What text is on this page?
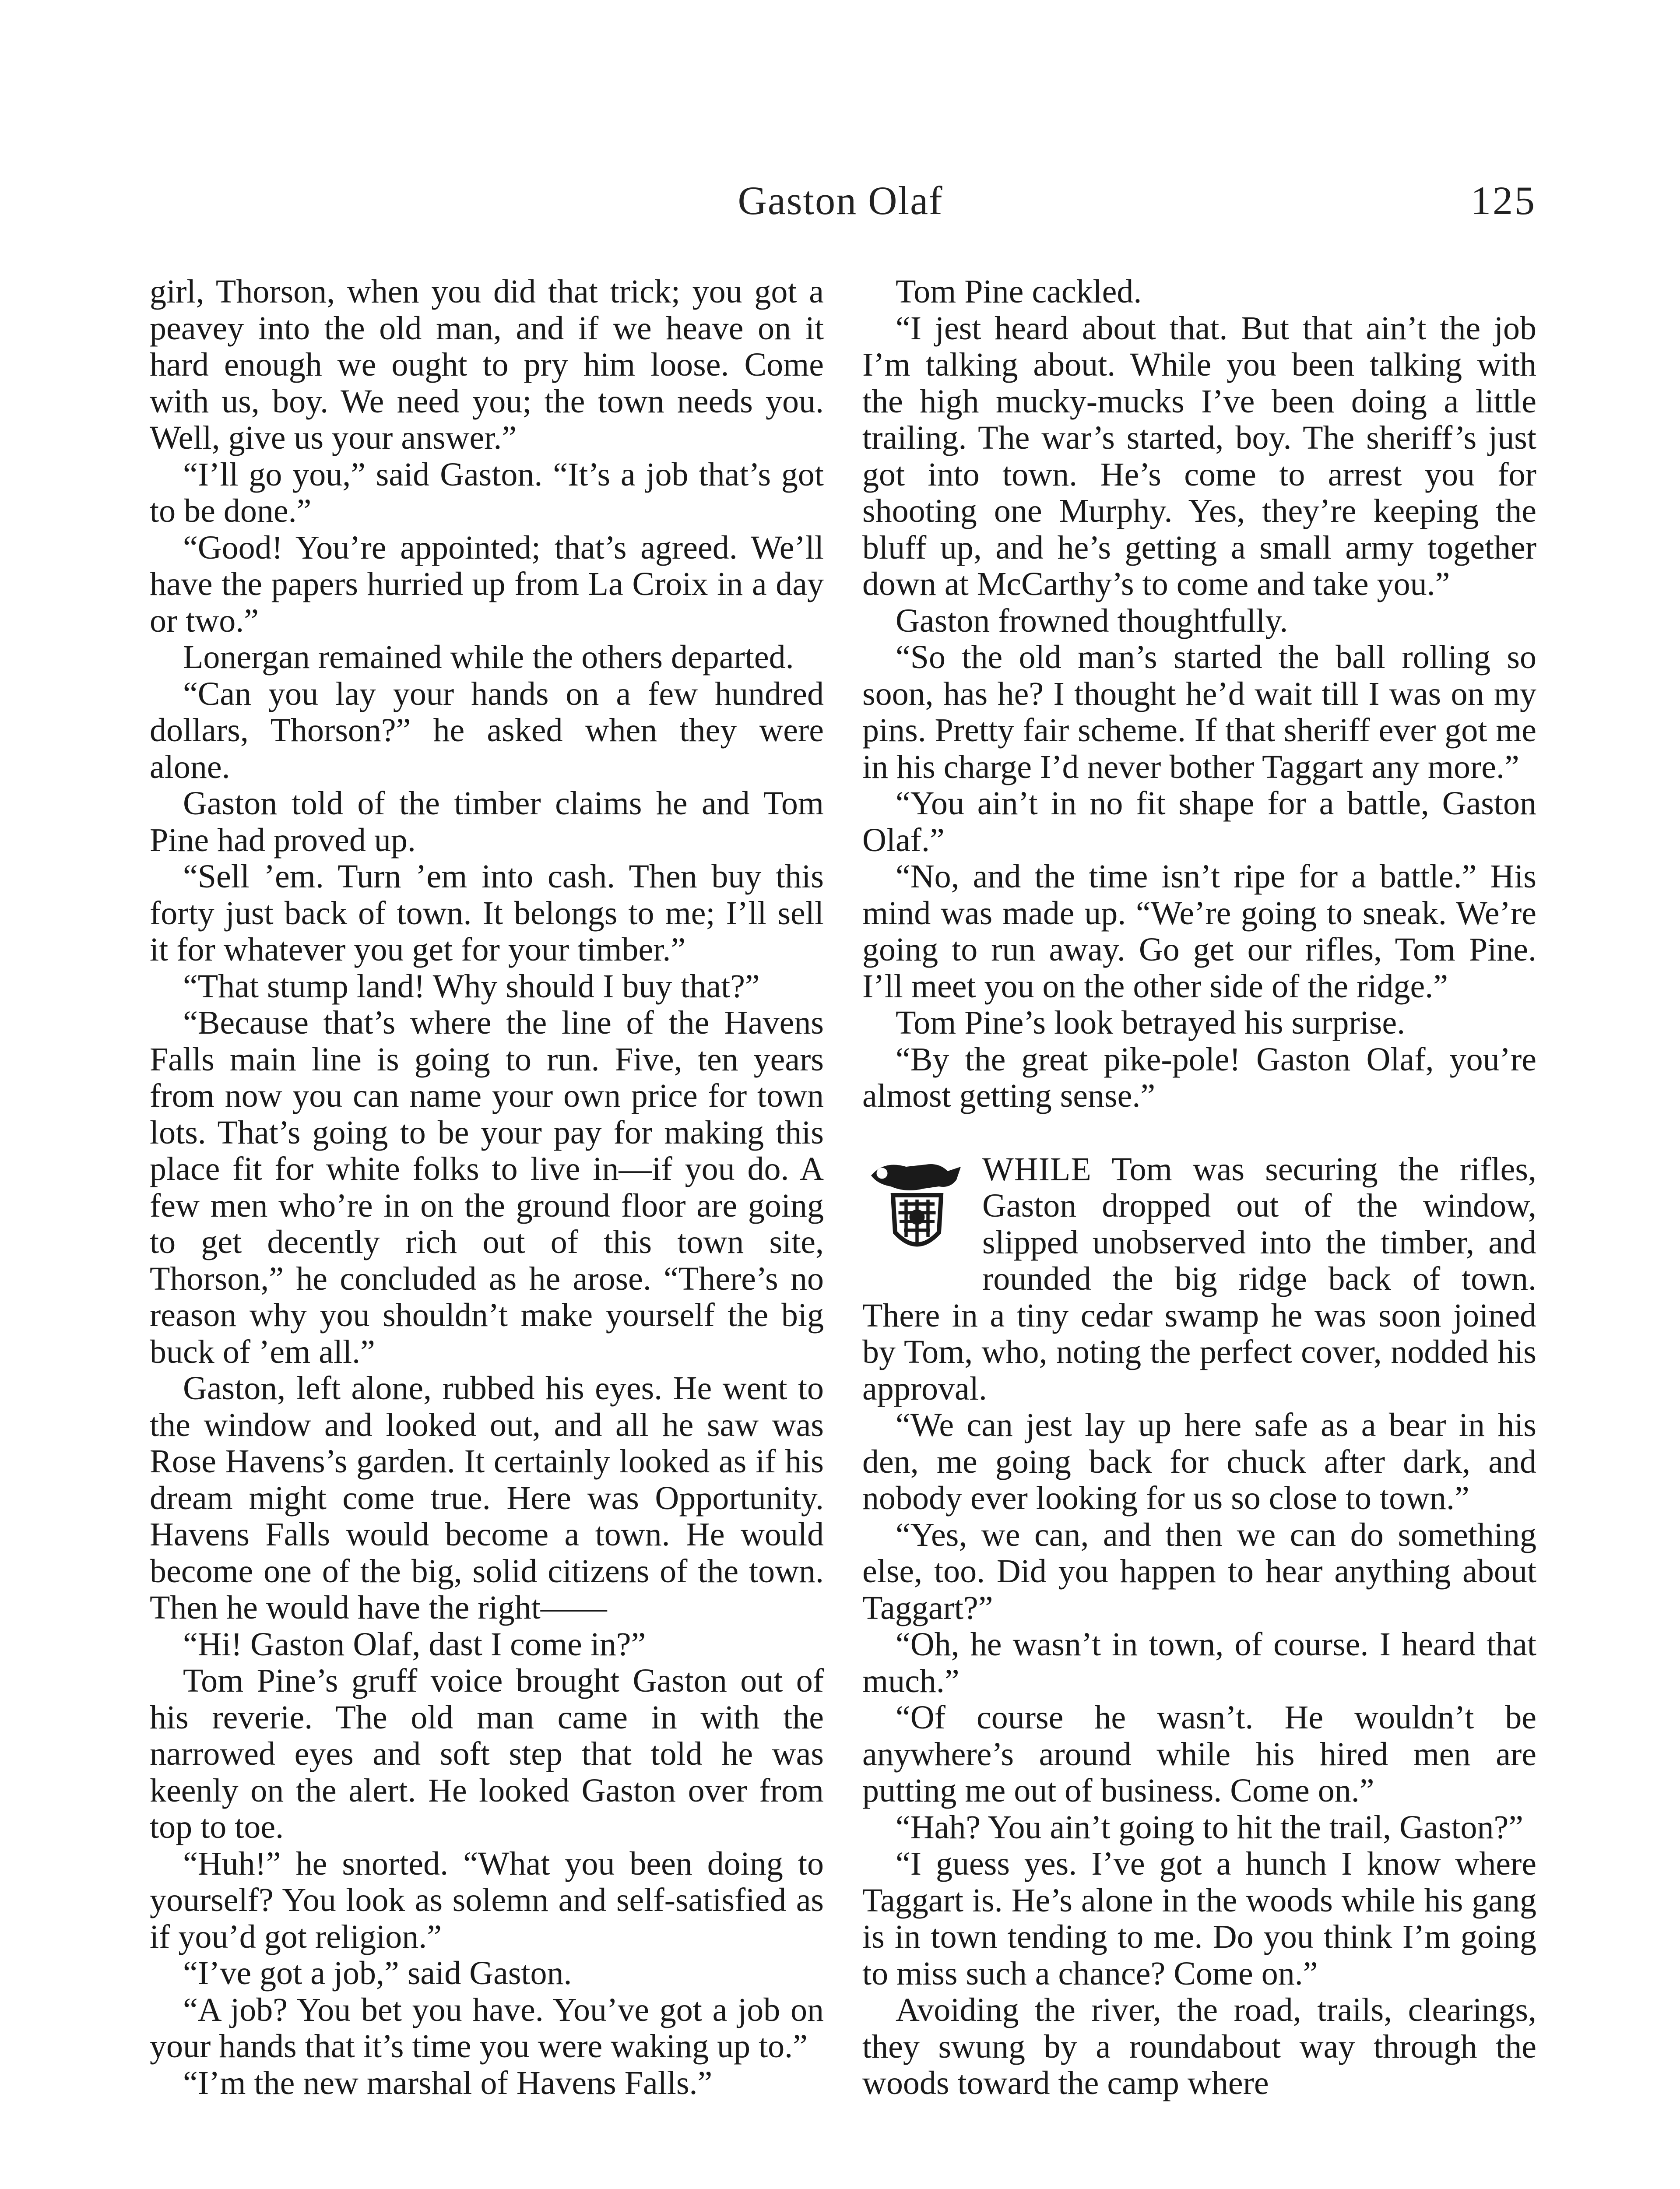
Gaston Olaf	125

girl, Thorson, when you did that trick; you got a peavey into the old man, and if we heave on it hard enough we ought to pry him loose. Come with us, boy. We need you; the town needs you. Well, give us your answer.”

“I’ll go you,” said Gaston. “It’s a job that’s got to be done.”

“Good! You’re appointed; that’s agreed. We’ll have the papers hurried up from La Croix in a day or two.”

Lonergan remained while the others departed.

“Can you lay your hands on a few hundred dollars, Thorson?” he asked when they were alone.

Gaston told of the timber claims he and Tom Pine had proved up.

“Sell ’em. Turn ’em into cash. Then buy this forty just back of town. It belongs to me; I’ll sell it for whatever you get for your timber.”

“That stump land! Why should I buy that?”

“Because that’s where the line of the Havens Falls main line is going to run. Five, ten years from now you can name your own price for town lots. That’s going to be your pay for making this place fit for white folks to live in—if you do. A few men who’re in on the ground floor are going to get decently rich out of this town site, Thorson,” he concluded as he arose. “There’s no reason why you shouldn’t make yourself the big buck of ’em all.”

Gaston, left alone, rubbed his eyes. He went to the window and looked out, and all he saw was Rose Havens’s garden. It certainly looked as if his dream might come true. Here was Opportunity. Havens Falls would become a town. He would become one of the big, solid citizens of the town. Then he would have the right——

“Hi! Gaston Olaf, dast I come in?”

Tom Pine’s gruff voice brought Gaston out of his reverie. The old man came in with the narrowed eyes and soft step that told he was keenly on the alert. He looked Gaston over from top to toe.

“Huh!” he snorted. “What you been doing to yourself? You look as solemn and self-satisfied as if you’d got religion.”

“I’ve got a job,” said Gaston.

“A job? You bet you have. You’ve got a job on your hands that it’s time you were waking up to.”

“I’m the new marshal of Havens Falls.”

Tom Pine cackled.

“I jest heard about that. But that ain’t the job I’m talking about. While you been talking with the high mucky-mucks I’ve been doing a little trailing. The war’s started, boy. The sheriff’s just got into town. He’s come to arrest you for shooting one Murphy. Yes, they’re keeping the bluff up, and he’s getting a small army together down at McCarthy’s to come and take you.”

Gaston frowned thoughtfully.

“So the old man’s started the ball rolling so soon, has he? I thought he’d wait till I was on my pins. Pretty fair scheme. If that sheriff ever got me in his charge I’d never bother Taggart any more.”

“You ain’t in no fit shape for a battle, Gaston Olaf.”

“No, and the time isn’t ripe for a battle.” His mind was made up. “We’re going to sneak. We’re going to run away. Go get our rifles, Tom Pine. I’ll meet you on the other side of the ridge.”

Tom Pine’s look betrayed his surprise.

“By the great pike-pole! Gaston Olaf, you’re almost getting sense.”

WHILE Tom was securing the rifles, Gaston dropped out of the window, slipped unobserved into the timber, and rounded the big ridge back of town. There in a tiny cedar swamp he was soon joined by Tom, who, noting the perfect cover, nodded his approval.

“We can jest lay up here safe as a bear in his den, me going back for chuck after dark, and nobody ever looking for us so close to town.”

“Yes, we can, and then we can do something else, too. Did you happen to hear anything about Taggart?”

“Oh, he wasn’t in town, of course. I heard that much.”

“Of course he wasn’t. He wouldn’t be anywhere’s around while his hired men are putting me out of business. Come on.”

“Hah? You ain’t going to hit the trail, Gaston?”

“I guess yes. I’ve got a hunch I know where Taggart is. He’s alone in the woods while his gang is in town tending to me. Do you think I’m going to miss such a chance? Come on.”

Avoiding the river, the road, trails, clearings, they swung by a roundabout way through the woods toward the camp where
